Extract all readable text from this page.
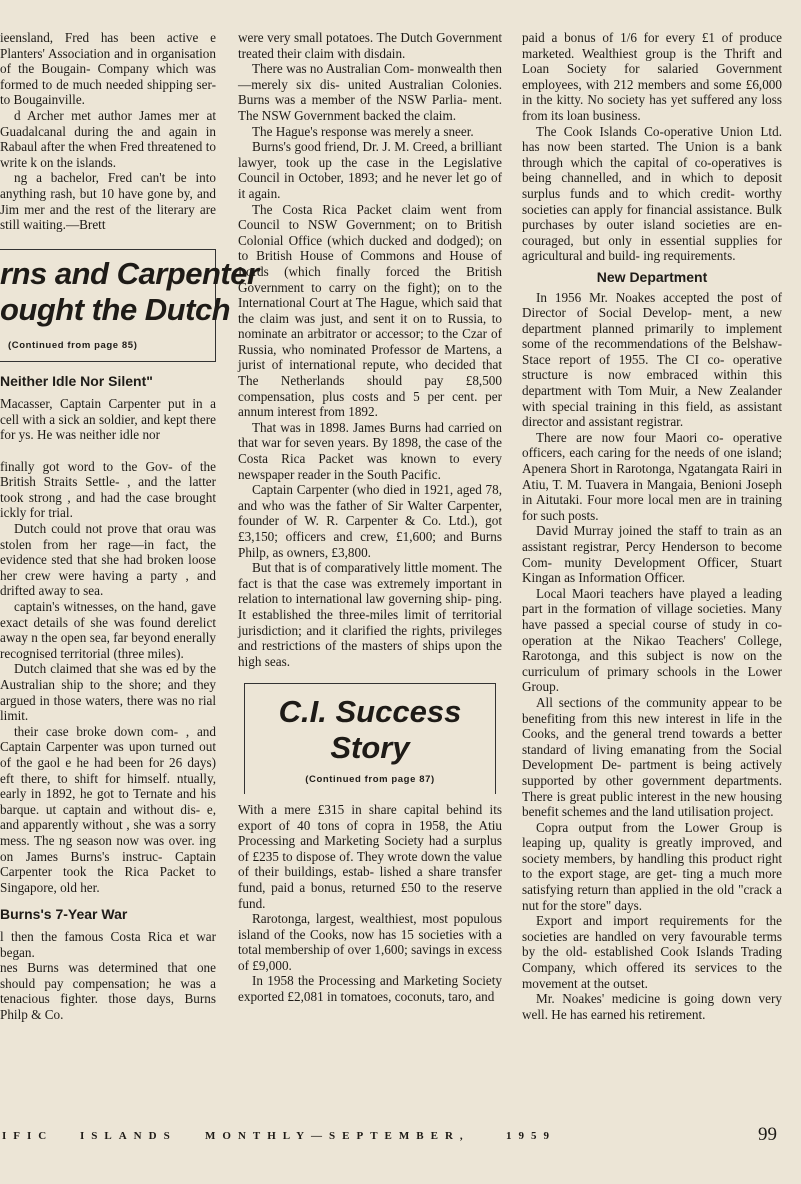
ieensland, Fred has been active e Planters' Association and in organisation of the Bougain- Company which was formed to de much needed shipping ser- to Bougainville.

d Archer met author James mer at Guadalcanal during the and again in Rabaul after the when Fred threatened to write k on the islands.

ng a bachelor, Fred can't be into anything rash, but 10 have gone by, and Jim mer and the rest of the literary are still waiting.—Brett

rns and Carpenter
ought the Dutch
(Continued from page 85)
Neither Idle Nor Silent"

Macasser, Captain Carpenter put in a cell with a sick an soldier, and kept there for ys. He was neither idle nor

finally got word to the Gov- of the British Straits Settle- , and the latter took strong , and had the case brought ickly for trial.

Dutch could not prove that orau was stolen from her rage—in fact, the evidence sted that she had broken loose her crew were having a party , and drifted away to sea.

captain's witnesses, on the hand, gave exact details of she was found derelict away n the open sea, far beyond enerally recognised territorial (three miles).

Dutch claimed that she was ed by the Australian ship to the shore; and they argued in those waters, there was no rial limit.

their case broke down com- , and Captain Carpenter was upon turned out of the gaol e he had been for 26 days) eft there, to shift for himself. ntually, early in 1892, he got to Ternate and his barque. ut captain and without dis- e, and apparently without , she was a sorry mess. The ng season now was over. ing on James Burns's instruc- Captain Carpenter took the Rica Packet to Singapore, old her.

Burns's 7-Year War

l then the famous Costa Rica et war began.

nes Burns was determined that one should pay compensation; he was a tenacious fighter. those days, Burns Philp & Co.

were very small potatoes. The Dutch Government treated their claim with disdain.

There was no Australian Com- monwealth then—merely six dis- united Australian Colonies. Burns was a member of the NSW Parlia- ment. The NSW Government backed the claim.

The Hague's response was merely a sneer.

Burns's good friend, Dr. J. M. Creed, a brilliant lawyer, took up the case in the Legislative Council in October, 1893; and he never let go of it again.

The Costa Rica Packet claim went from Council to NSW Government; on to British Colonial Office (which ducked and dodged); on to British House of Commons and House of Lords (which finally forced the British Government to carry on the fight); on to the International Court at The Hague, which said that the claim was just, and sent it on to Russia, to nominate an arbitrator or accessor; to the Czar of Russia, who nominated Professor de Martens, a jurist of international repute, who decided that The Netherlands should pay £8,500 compensation, plus costs and 5 per cent. per annum interest from 1892.

That was in 1898. James Burns had carried on that war for seven years. By 1898, the case of the Costa Rica Packet was known to every newspaper reader in the South Pacific.

Captain Carpenter (who died in 1921, aged 78, and who was the father of Sir Walter Carpenter, founder of W. R. Carpenter & Co. Ltd.), got £3,150; officers and crew, £1,600; and Burns Philp, as owners, £3,800.

But that is of comparatively little moment. The fact is that the case was extremely important in relation to international law governing ship- ping. It established the three-miles limit of territorial jurisdiction; and it clarified the rights, privileges and restrictions of the masters of ships upon the high seas.

C.I. Success Story
(Continued from page 87)

With a mere £315 in share capital behind its export of 40 tons of copra in 1958, the Atiu Processing and Marketing Society had a surplus of £235 to dispose of. They wrote down the value of their buildings, estab- lished a share transfer fund, paid a bonus, returned £50 to the reserve fund.

Rarotonga, largest, wealthiest, most populous island of the Cooks, now has 15 societies with a total membership of over 1,600; savings in excess of £9,000.

In 1958 the Processing and Marketing Society exported £2,081 in tomatoes, coconuts, taro, and

paid a bonus of 1/6 for every £1 of produce marketed. Wealthiest group is the Thrift and Loan Society for salaried Government employees, with 212 members and some £6,000 in the kitty. No society has yet suffered any loss from its loan business.

The Cook Islands Co-operative Union Ltd. has now been started. The Union is a bank through which the capital of co-operatives is being channelled, and in which to deposit surplus funds and to which credit- worthy societies can apply for financial assistance. Bulk purchases by outer island societies are en- couraged, but only in essential supplies for agricultural and build- ing requirements.

New Department

In 1956 Mr. Noakes accepted the post of Director of Social Develop- ment, a new department planned primarily to implement some of the recommendations of the Belshaw- Stace report of 1955. The CI co- operative structure is now embraced within this department with Tom Muir, a New Zealander with special training in this field, as assistant director and assistant registrar.

There are now four Maori co- operative officers, each caring for the needs of one island; Apenera Short in Rarotonga, Ngatangata Rairi in Atiu, T. M. Tuavera in Mangaia, Benioni Joseph in Aitutaki. Four more local men are in training for such posts.

David Murray joined the staff to train as an assistant registrar, Percy Henderson to become Com- munity Development Officer, Stuart Kingan as Information Officer.

Local Maori teachers have played a leading part in the formation of village societies. Many have passed a special course of study in co-operation at the Nikao Teachers' College, Rarotonga, and this subject is now on the curriculum of primary schools in the Lower Group.

All sections of the community appear to be benefiting from this new interest in life in the Cooks, and the general trend towards a better standard of living emanating from the Social Development De- partment is being actively supported by other government departments. There is great public interest in the new housing benefit schemes and the land utilisation project.

Copra output from the Lower Group is leaping up, quality is greatly improved, and society members, by handling this product right to the export stage, are get- ting a much more satisfying return than applied in the old "crack a nut for the store" days.

Export and import requirements for the societies are handled on very favourable terms by the old- established Cook Islands Trading Company, which offered its services to the movement at the outset.

Mr. Noakes' medicine is going down very well. He has earned his retirement.

IFIC ISLANDS	MONTHLY—SEPTEMBER,	1959	99
